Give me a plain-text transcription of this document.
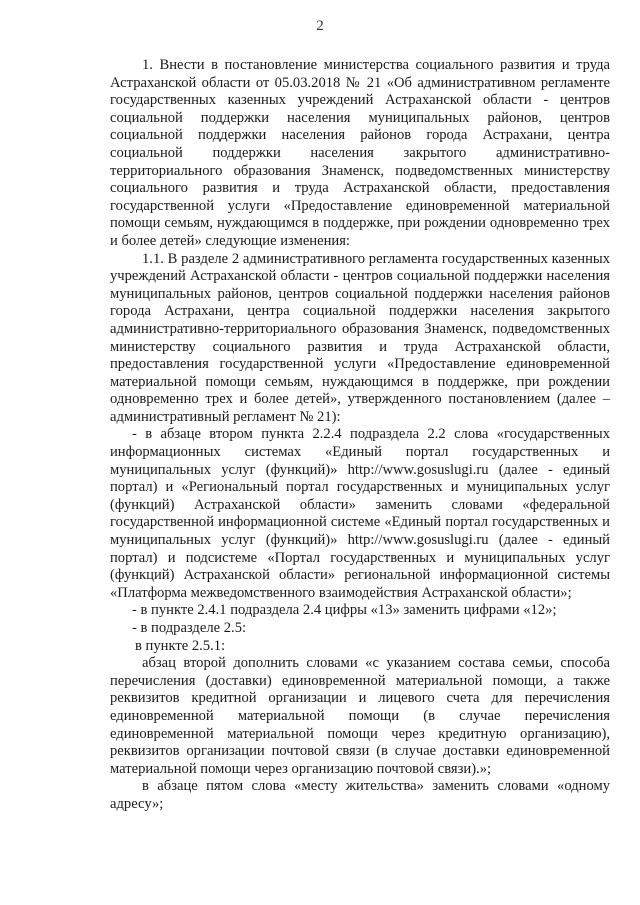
2

1. Внести в постановление министерства социального развития и труда Астраханской области от 05.03.2018 № 21 «Об административном регламенте государственных казенных учреждений Астраханской области - центров социальной поддержки населения муниципальных районов, центров социальной поддержки населения районов города Астрахани, центра социальной поддержки населения закрытого административно-территориального образования Знаменск, подведомственных министерству социального развития и труда Астраханской области, предоставления государственной услуги «Предоставление единовременной материальной помощи семьям, нуждающимся в поддержке, при рождении одновременно трех и более детей» следующие изменения:

1.1. В разделе 2 административного регламента государственных казенных учреждений Астраханской области - центров социальной поддержки населения муниципальных районов, центров социальной поддержки населения районов города Астрахани, центра социальной поддержки населения закрытого административно-территориального образования Знаменск, подведомственных министерству социального развития и труда Астраханской области, предоставления государственной услуги «Предоставление единовременной материальной помощи семьям, нуждающимся в поддержке, при рождении одновременно трех и более детей», утвержденного постановлением (далее – административный регламент № 21):

- в абзаце втором пункта 2.2.4 подраздела 2.2 слова «государственных информационных системах «Единый портал государственных и муниципальных услуг (функций)» http://www.gosuslugi.ru (далее - единый портал) и «Региональный портал государственных и муниципальных услуг (функций) Астраханской области» заменить словами «федеральной государственной информационной системе «Единый портал государственных и муниципальных услуг (функций)» http://www.gosuslugi.ru (далее - единый портал) и подсистеме «Портал государственных и муниципальных услуг (функций) Астраханской области» региональной информационной системы «Платформа межведомственного взаимодействия Астраханской области»;

- в пункте 2.4.1 подраздела 2.4 цифры «13» заменить цифрами «12»;

- в подразделе 2.5:

в пункте 2.5.1:

абзац второй дополнить словами «с указанием состава семьи, способа перечисления (доставки) единовременной материальной помощи, а также реквизитов кредитной организации и лицевого счета для перечисления единовременной материальной помощи (в случае перечисления единовременной материальной помощи через кредитную организацию), реквизитов организации почтовой связи (в случае доставки единовременной материальной помощи через организацию почтовой связи).»;

в абзаце пятом слова «месту жительства» заменить словами «одному адресу»;
